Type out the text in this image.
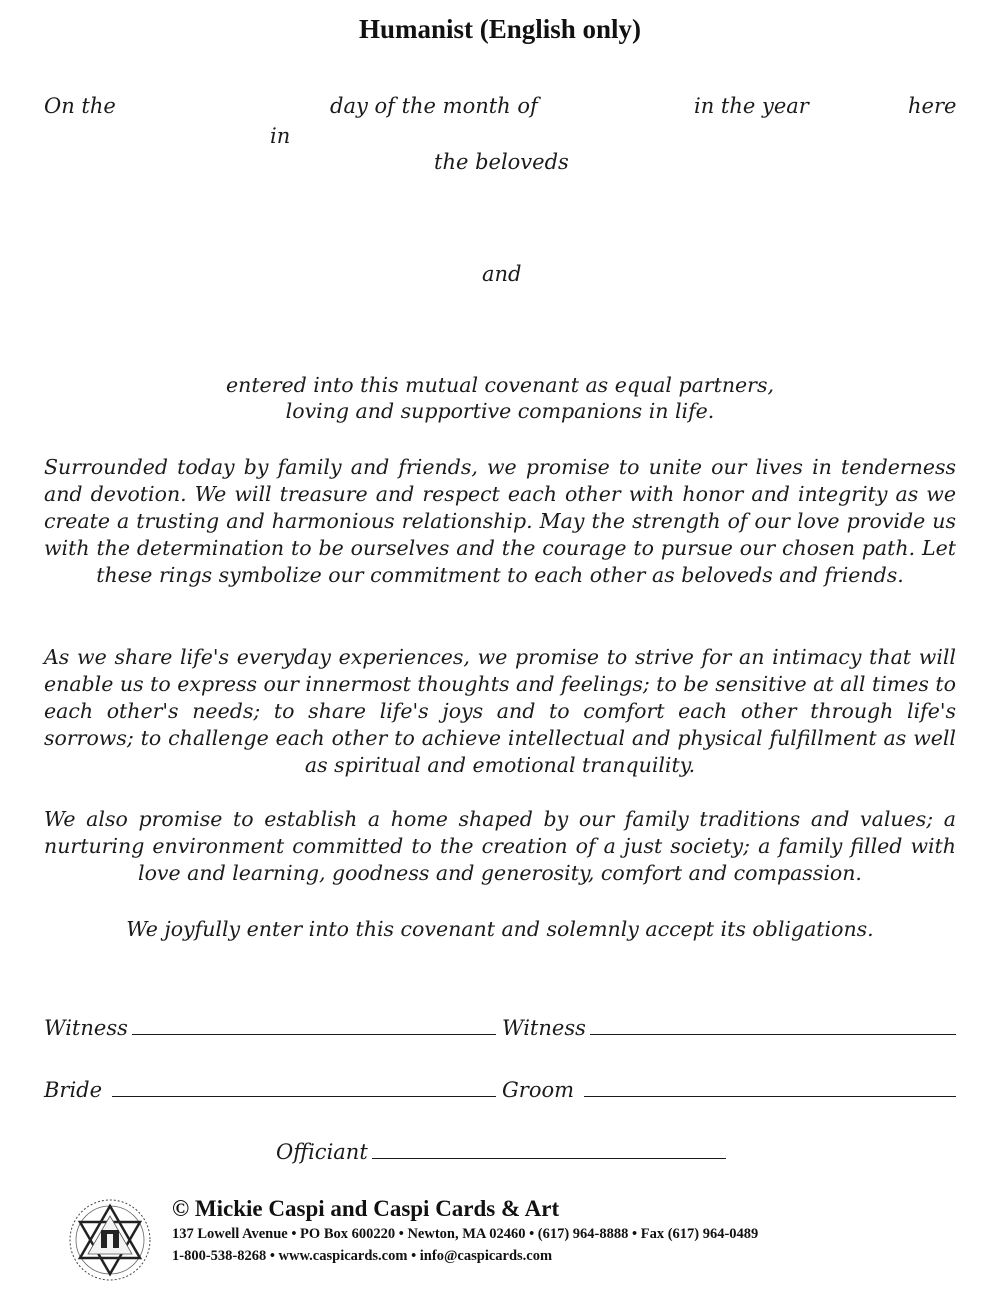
Humanist (English only)
On the	day of the month of	in the year	here
in
the beloveds
and
entered into this mutual covenant as equal partners,
loving and supportive companions in life.
Surrounded today by family and friends, we promise to unite our lives in tenderness and devotion. We will treasure and respect each other with honor and integrity as we create a trusting and harmonious relationship. May the strength of our love provide us with the determination to be ourselves and the courage to pursue our chosen path. Let these rings symbolize our commitment to each other as beloveds and friends.
As we share life's everyday experiences, we promise to strive for an intimacy that will enable us to express our innermost thoughts and feelings; to be sensitive at all times to each other's needs; to share life's joys and to comfort each other through life's sorrows; to challenge each other to achieve intellectual and physical fulfillment as well as spiritual and emotional tranquility.
We also promise to establish a home shaped by our family traditions and values; a nurturing environment committed to the creation of a just society; a family filled with love and learning, goodness and generosity, comfort and compassion.
We joyfully enter into this covenant and solemnly accept its obligations.
Witness	Witness
Bride	Groom
Officiant
© Mickie Caspi and Caspi Cards & Art
137 Lowell Avenue • PO Box 600220 • Newton, MA 02460 • (617) 964-8888 • Fax (617) 964-0489
1-800-538-8268 • www.caspicards.com • info@caspicards.com
